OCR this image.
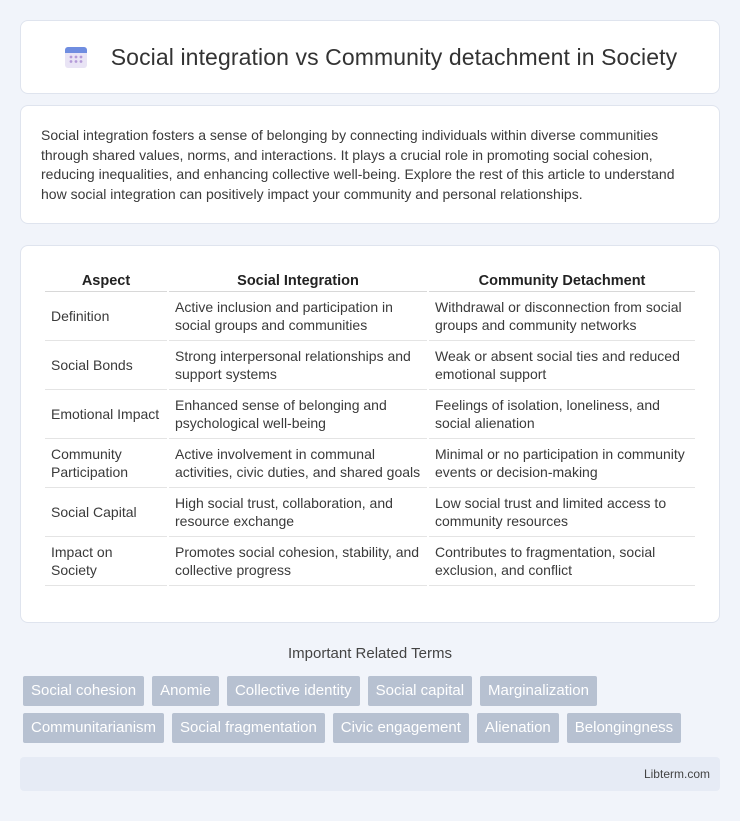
Social integration vs Community detachment in Society

Social integration fosters a sense of belonging by connecting individuals within diverse communities through shared values, norms, and interactions. It plays a crucial role in promoting social cohesion, reducing inequalities, and enhancing collective well-being. Explore the rest of this article to understand how social integration can positively impact your community and personal relationships.

Aspect	Social Integration	Community Detachment
Definition	Active inclusion and participation in social groups and communities	Withdrawal or disconnection from social groups and community networks
Social Bonds	Strong interpersonal relationships and support systems	Weak or absent social ties and reduced emotional support
Emotional Impact	Enhanced sense of belonging and psychological well-being	Feelings of isolation, loneliness, and social alienation
Community Participation	Active involvement in communal activities, civic duties, and shared goals	Minimal or no participation in community events or decision-making
Social Capital	High social trust, collaboration, and resource exchange	Low social trust and limited access to community resources
Impact on Society	Promotes social cohesion, stability, and collective progress	Contributes to fragmentation, social exclusion, and conflict
Important Related Terms
Social cohesion	Anomie	Collective identity	Social capital	Marginalization
Communitarianism	Social fragmentation	Civic engagement	Alienation	Belongingness
Libterm.com
